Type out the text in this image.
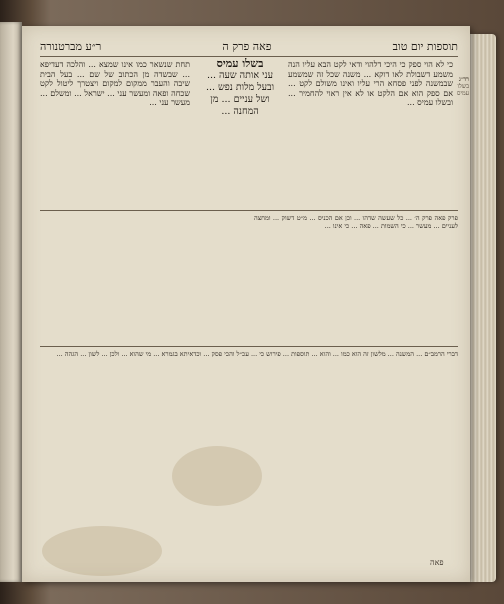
תוספות יום טוב
פאה פרק ה
ר״ע מברטנורה
רד״ג
בשלו עמיס
כי לא הוי ספק כי היכי דלהוי ודאי לקט הבא עליו הנה משמע דשבולת לאו דוקא ... משנה שכל זה שמשמע שבמשנה לפני פסחא הרי עליו ואינו משולם לקט ... אם ספק הוא אם הלקט או לא אין ראוי להחמיר ... ובשלו עמיס ...
בשלו עמיס
עני אותה שעה ... ובעל מלות נפש ... ושל עניים ... מן המחנה ...
תחת שנשאר כמו אינו שמצא ... והלכה דעדיפא ... שבשדה מן הכתוב של שם ... בעל הבית שיבה והעבר ממקום למקום ויצטרך ליטול לקט שכחה ופאה ומעשר עני ... ישראל ... ומשלם ... מעשר עני ...
פרק פאה פרק ה׳ ... כל שעשה שדהו ... וכן אם הכניס ... מ״ט דשוק ... ומחצה לעניים ... מעשר ... כי השמות ... פאה ... כי אינו ...
דברי הרמב״ם ... המשנה ... מלשון זה הוא כמו ... והוא ... תוספות ... פירוש כי ... עכ״ל והכי פסק ... וכדאיתא בגמרא ... מי שהוא ... ולכן ... לשון ... הגהה ...
פאה
